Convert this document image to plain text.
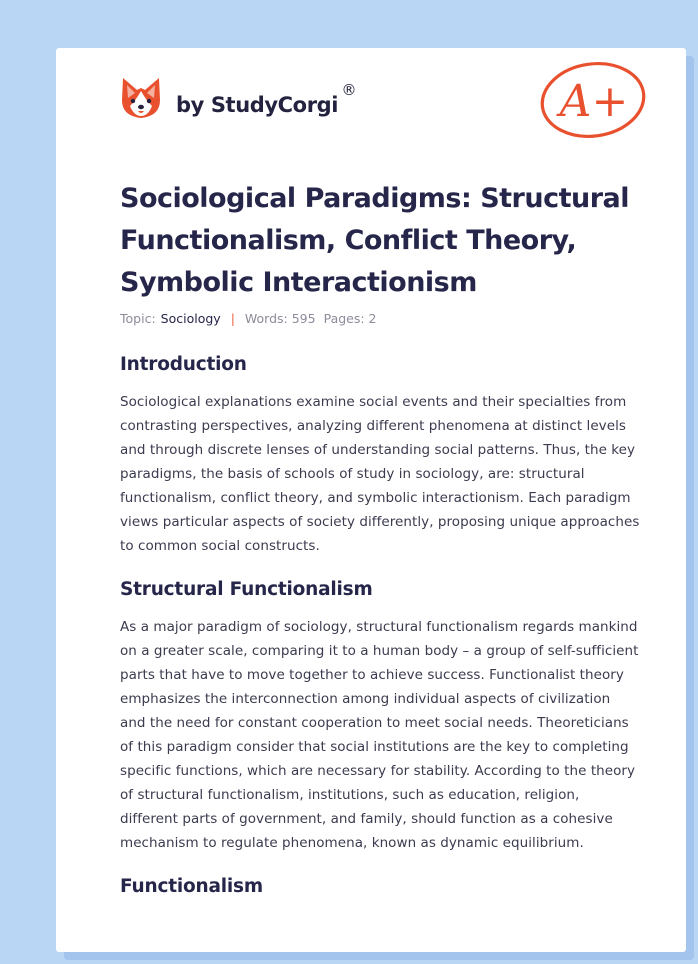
by StudyCorgi
®	A+
Sociological Paradigms: Structural Functionalism, Conflict Theory, Symbolic Interactionism
Topic: Sociology | Words: 595 Pages: 2
Introduction

Sociological explanations examine social events and their specialties from contrasting perspectives, analyzing different phenomena at distinct levels and through discrete lenses of understanding social patterns. Thus, the key paradigms, the basis of schools of study in sociology, are: structural functionalism, conflict theory, and symbolic interactionism. Each paradigm views particular aspects of society differently, proposing unique approaches to common social constructs.

Structural Functionalism

As a major paradigm of sociology, structural functionalism regards mankind on a greater scale, comparing it to a human body – a group of self-sufficient parts that have to move together to achieve success. Functionalist theory emphasizes the interconnection among individual aspects of civilization and the need for constant cooperation to meet social needs. Theoreticians of this paradigm consider that social institutions are the key to completing specific functions, which are necessary for stability. According to the theory of structural functionalism, institutions, such as education, religion, different parts of government, and family, should function as a cohesive mechanism to regulate phenomena, known as dynamic equilibrium.

Functionalism
